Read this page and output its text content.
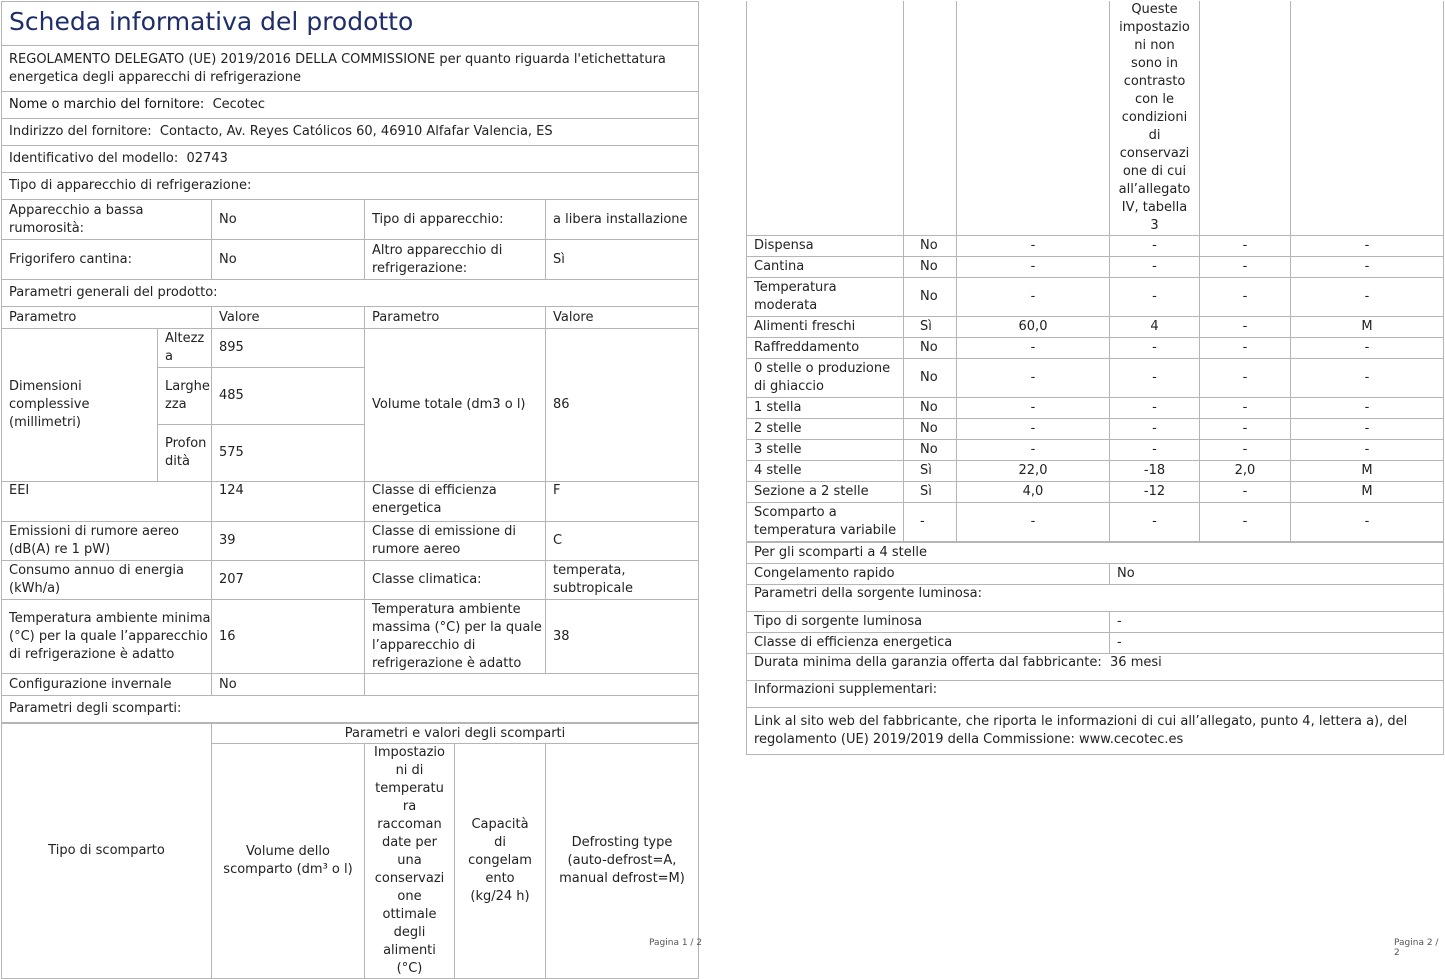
Scheda informativa del prodotto				
REGOLAMENTO DELEGATO (UE) 2019/2016 DELLA COMMISSIONE per quanto riguarda l'etichettatura energetica degli apparecchi di refrigerazione				
Nome o marchio del fornitore: Cecotec				
Indirizzo del fornitore: Contacto, Av. Reyes Católicos 60, 46910 Alfafar Valencia, ES				
Identificativo del modello: 02743				
Tipo di apparecchio di refrigerazione:				
Apparecchio a bassa rumorosità:		No	Tipo di apparecchio:	a libera installazione
Frigorifero cantina:		No	Altro apparecchio di refrigerazione:	Sì
Parametri generali del prodotto:				
Parametro		Valore	Parametro	Valore
Dimensioni complessive (millimetri)	Altezza	895	Volume totale (dm3 o l)	86
	Larghezza	485		
	Profondità	575		
EEI		124	Classe di efficienza energetica	F
Emissioni di rumore aereo (dB(A) re 1 pW)		39	Classe di emissione di rumore aereo	C
Consumo annuo di energia (kWh/a)		207	Classe climatica:	temperata, subtropicale
Temperatura ambiente minima (°C) per la quale l’apparecchio di refrigerazione è adatto		16	Temperatura ambiente massima (°C) per la quale l’apparecchio di refrigerazione è adatto	38
Configurazione invernale		No		
Parametri degli scomparti:				
Tipo di scomparto	Parametri e valori degli scomparti			
	Volume dello scomparto (dm³ o l)	Impostazioni di temperatura raccomandate per una conservazione ottimale degli alimenti (°C)	Capacità di congelamento (kg/24 h)	Defrosting type (auto-defrost=A, manual defrost=M)
Pagina 1 / 2
			Queste impostazioni non sono in contrasto con le condizioni di conservazione di cui all’allegato IV, tabella 3		
Dispensa	No	-	-	-	-
Cantina	No	-	-	-	-
Temperatura moderata	No	-	-	-	-
Alimenti freschi	Sì	60,0	4	-	M
Raffreddamento	No	-	-	-	-
0 stelle o produzione di ghiaccio	No	-	-	-	-
1 stella	No	-	-	-	-
2 stelle	No	-	-	-	-
3 stelle	No	-	-	-	-
4 stelle	Sì	22,0	-18	2,0	M
Sezione a 2 stelle	Sì	4,0	-12	-	M
Scomparto a temperatura variabile	-	-	-	-	-
Per gli scomparti a 4 stelle	
Congelamento rapido	No
Parametri della sorgente luminosa:	
Tipo di sorgente luminosa	-
Classe di efficienza energetica	-
Durata minima della garanzia offerta dal fabbricante: 36 mesi	
Informazioni supplementari:	
Link al sito web del fabbricante, che riporta le informazioni di cui all’allegato, punto 4, lettera a), del regolamento (UE) 2019/2019 della Commissione: www.cecotec.es	
Pagina 2 / 2
